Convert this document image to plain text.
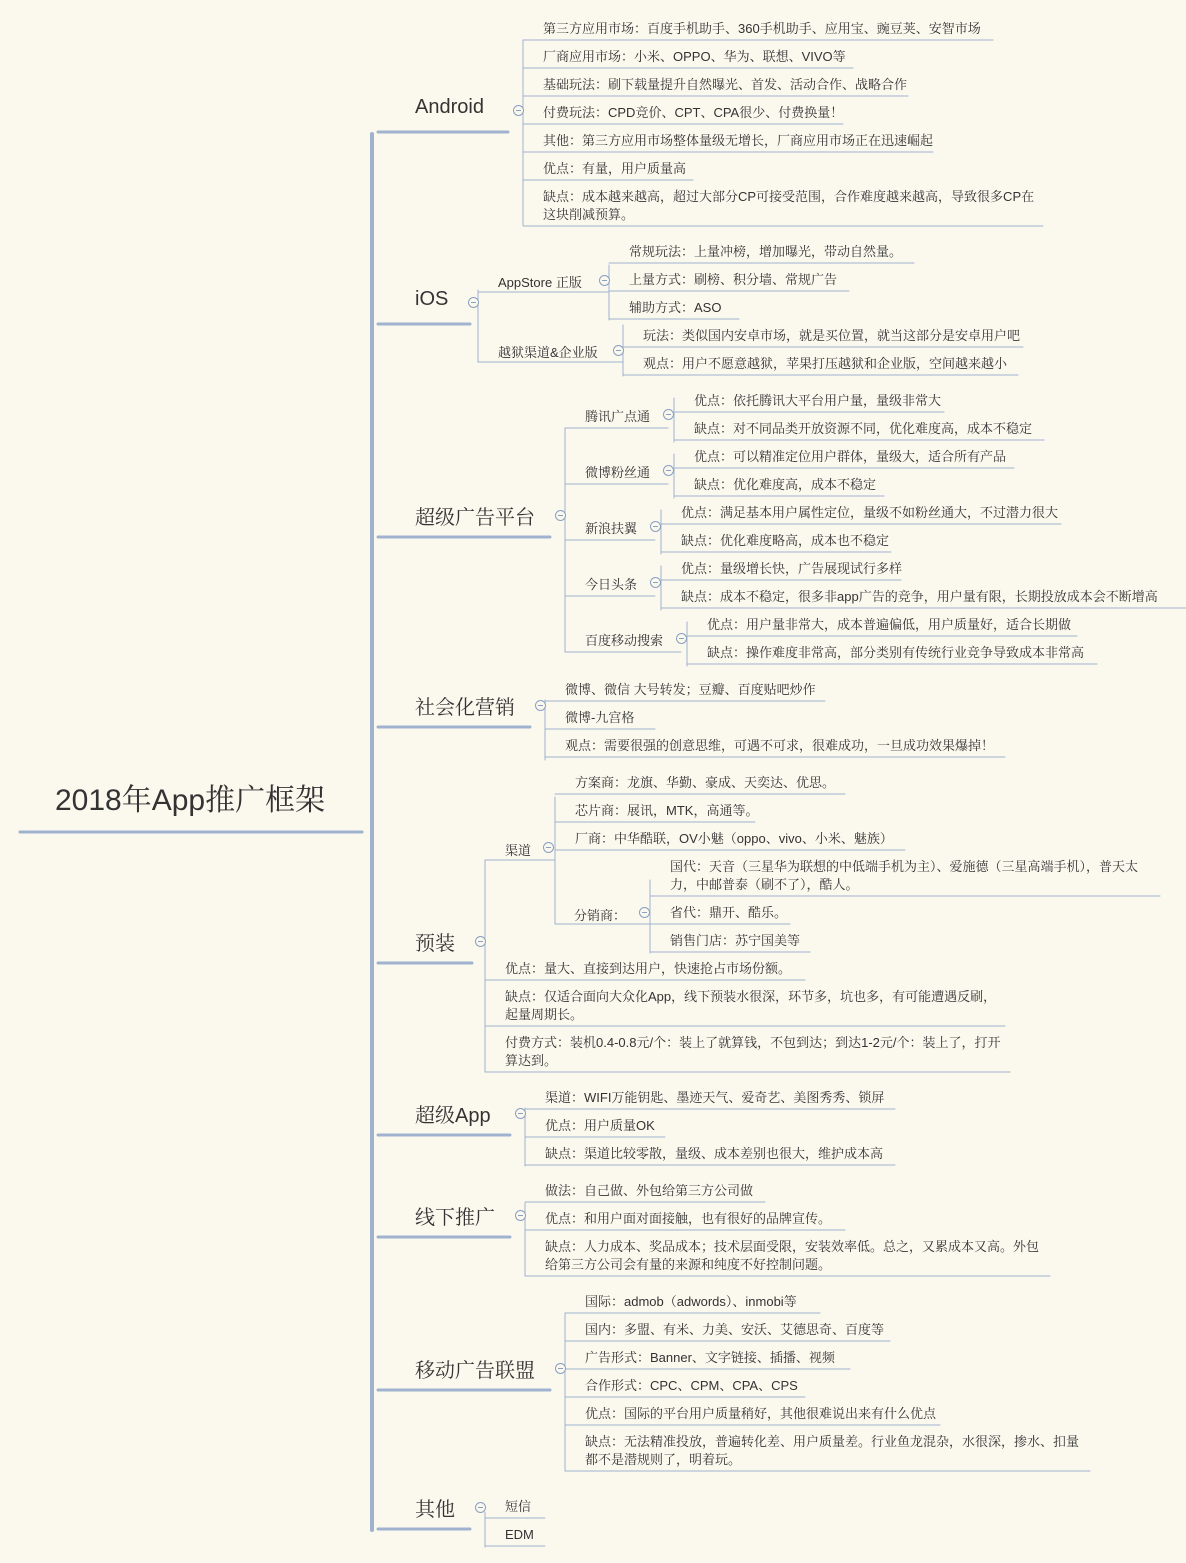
2018年App推广框架
Android
iOS
超级广告平台
社会化营销
预装
超级App
线下推广
移动广告联盟
其他
第三方应用市场：百度手机助手、360手机助手、应用宝、豌豆荚、安智市场
厂商应用市场：小米、OPPO、华为、联想、VIVO等
基础玩法：刷下载量提升自然曝光、首发、活动合作、战略合作
付费玩法：CPD竞价、CPT、CPA很少、付费换量！
其他：第三方应用市场整体量级无增长，厂商应用市场正在迅速崛起
优点：有量，用户质量高
缺点：成本越来越高，超过大部分CP可接受范围，合作难度越来越高，导致很多CP在这块削减预算。
AppStore 正版
常规玩法：上量冲榜，增加曝光，带动自然量。
上量方式：刷榜、积分墙、常规广告
辅助方式：ASO
越狱渠道&企业版
玩法：类似国内安卓市场，就是买位置，就当这部分是安卓用户吧
观点：用户不愿意越狱，苹果打压越狱和企业版，空间越来越小
腾讯广点通
优点：依托腾讯大平台用户量，量级非常大
缺点：对不同品类开放资源不同，优化难度高，成本不稳定
微博粉丝通
优点：可以精准定位用户群体，量级大，适合所有产品
缺点：优化难度高，成本不稳定
新浪扶翼
优点：满足基本用户属性定位，量级不如粉丝通大，不过潜力很大
缺点：优化难度略高，成本也不稳定
今日头条
优点：量级增长快，广告展现试行多样
缺点：成本不稳定，很多非app广告的竞争，用户量有限，长期投放成本会不断增高
百度移动搜索
优点：用户量非常大，成本普遍偏低，用户质量好，适合长期做
缺点：操作难度非常高，部分类别有传统行业竞争导致成本非常高
微博、微信 大号转发；豆瓣、百度贴吧炒作
微博-九宫格
观点：需要很强的创意思维，可遇不可求，很难成功，一旦成功效果爆掉！
渠道
方案商：龙旗、华勤、豪成、天奕达、优思。
芯片商：展讯，MTK，高通等。
厂商：中华酷联，OV小魅（oppo、vivo、小米、魅族）
分销商：
国代：天音（三星华为联想的中低端手机为主）、爱施德（三星高端手机），普天太力，中邮普泰（刷不了），酷人。
省代：鼎开、酷乐。
销售门店：苏宁国美等
优点：量大、直接到达用户，快速抢占市场份额。
缺点：仅适合面向大众化App，线下预装水很深，环节多，坑也多，有可能遭遇反刷，起量周期长。
付费方式：装机0.4-0.8元/个：装上了就算钱，不包到达；到达1-2元/个：装上了，打开算达到。
渠道：WIFI万能钥匙、墨迹天气、爱奇艺、美图秀秀、锁屏
优点：用户质量OK
缺点：渠道比较零散，量级、成本差别也很大，维护成本高
做法：自己做、外包给第三方公司做
优点：和用户面对面接触，也有很好的品牌宣传。
缺点：人力成本、奖品成本；技术层面受限，安装效率低。总之，又累成本又高。外包给第三方公司会有量的来源和纯度不好控制问题。
国际：admob（adwords）、inmobi等
国内：多盟、有米、力美、安沃、艾德思奇、百度等
广告形式：Banner、文字链接、插播、视频
合作形式：CPC、CPM、CPA、CPS
优点：国际的平台用户质量稍好，其他很难说出来有什么优点
缺点：无法精准投放，普遍转化差、用户质量差。行业鱼龙混杂，水很深，掺水、扣量都不是潜规则了，明着玩。
短信
EDM
